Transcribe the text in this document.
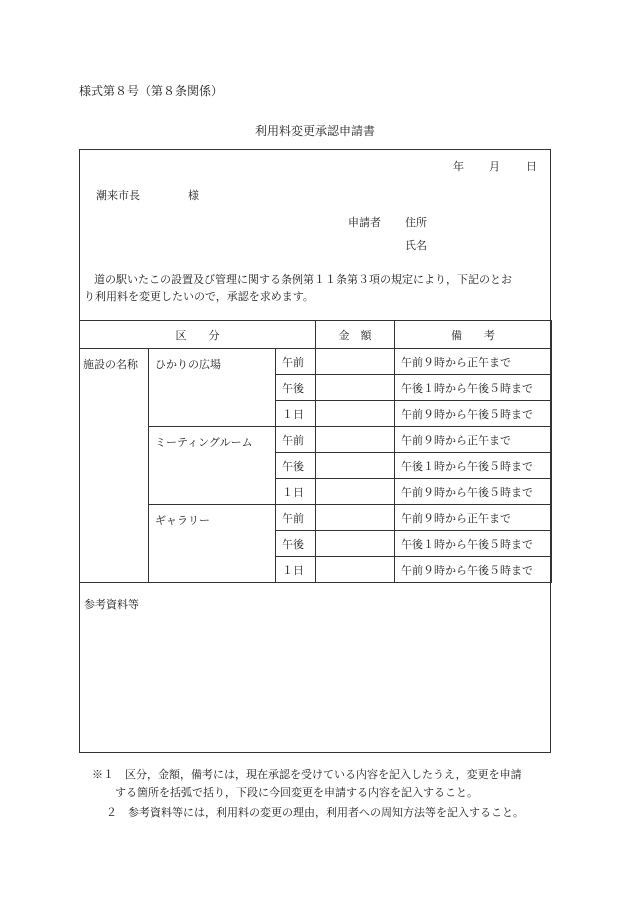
様式第８号（第８条関係）
利用料変更承認申請書
年 月 日
潮来市長	様
申請者 住所
氏名
道の駅いたこの設置及び管理に関する条例第１１条第３項の規定により，下記のとお
り利用料を変更したいので，承認を求めます。
区　　分			金　額	備　　考
施設の名称	ひかりの広場	午前		午前９時から正午まで
		午後		午後１時から午後５時まで
		１日		午前９時から午後５時まで
	ミーティングルーム	午前		午前９時から正午まで
		午後		午後１時から午後５時まで
		１日		午前９時から午後５時まで
	ギャラリー	午前		午前９時から正午まで
		午後		午後１時から午後５時まで
		１日		午前９時から午後５時まで
参考資料等
※１　区分，金額，備考には，現在承認を受けている内容を記入したうえ，変更を申請
する箇所を括弧で括り，下段に今回変更を申請する内容を記入すること。
２　参考資料等には，利用料の変更の理由，利用者への周知方法等を記入すること。
